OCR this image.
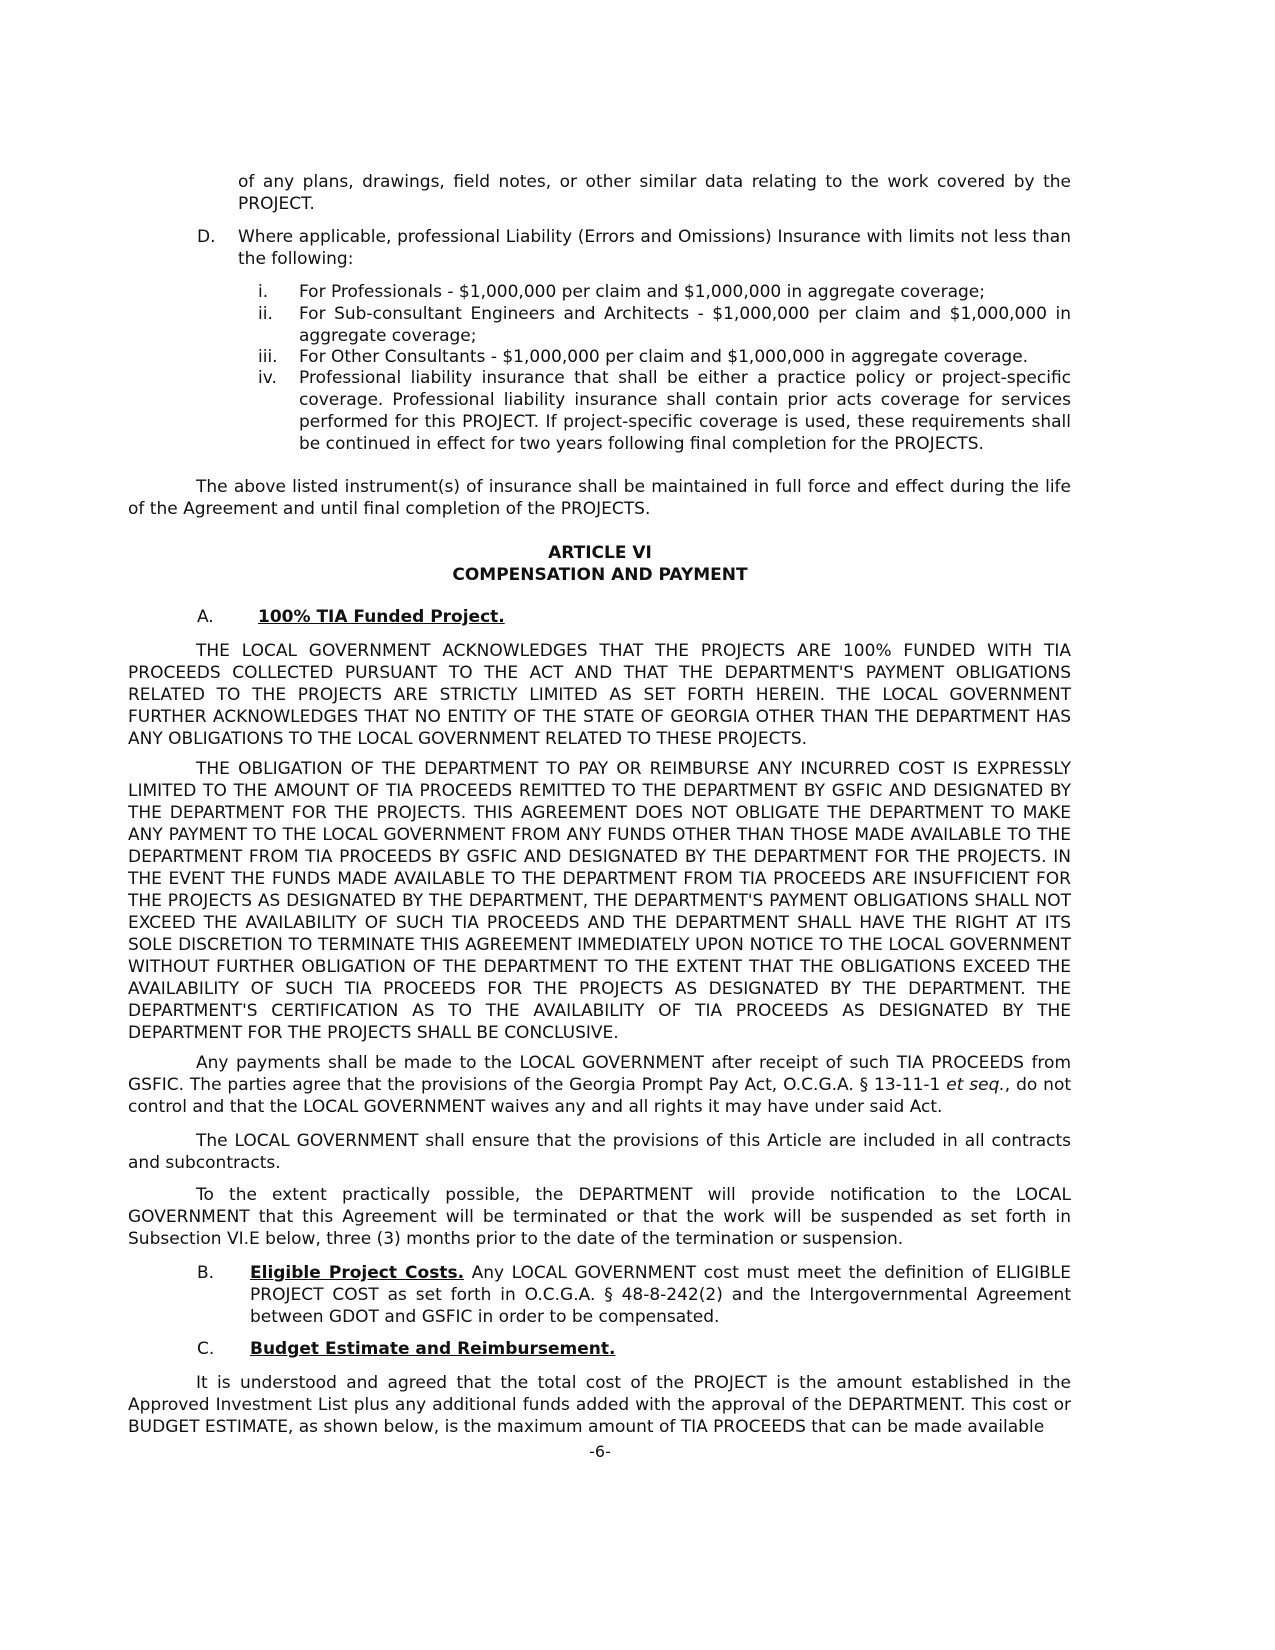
of any plans, drawings, field notes, or other similar data relating to the work covered by the PROJECT.

D. Where applicable, professional Liability (Errors and Omissions) Insurance with limits not less than the following:

i. For Professionals - $1,000,000 per claim and $1,000,000 in aggregate coverage;

ii. For Sub-consultant Engineers and Architects - $1,000,000 per claim and $1,000,000 in aggregate coverage;

iii. For Other Consultants - $1,000,000 per claim and $1,000,000 in aggregate coverage.

iv. Professional liability insurance that shall be either a practice policy or project-specific coverage. Professional liability insurance shall contain prior acts coverage for services performed for this PROJECT. If project-specific coverage is used, these requirements shall be continued in effect for two years following final completion for the PROJECTS.

The above listed instrument(s) of insurance shall be maintained in full force and effect during the life of the Agreement and until final completion of the PROJECTS.

ARTICLE VI

COMPENSATION AND PAYMENT

A.	100% TIA Funded Project.

THE LOCAL GOVERNMENT ACKNOWLEDGES THAT THE PROJECTS ARE 100% FUNDED WITH TIA PROCEEDS COLLECTED PURSUANT TO THE ACT AND THAT THE DEPARTMENT'S PAYMENT OBLIGATIONS RELATED TO THE PROJECTS ARE STRICTLY LIMITED AS SET FORTH HEREIN. THE LOCAL GOVERNMENT FURTHER ACKNOWLEDGES THAT NO ENTITY OF THE STATE OF GEORGIA OTHER THAN THE DEPARTMENT HAS ANY OBLIGATIONS TO THE LOCAL GOVERNMENT RELATED TO THESE PROJECTS.

THE OBLIGATION OF THE DEPARTMENT TO PAY OR REIMBURSE ANY INCURRED COST IS EXPRESSLY LIMITED TO THE AMOUNT OF TIA PROCEEDS REMITTED TO THE DEPARTMENT BY GSFIC AND DESIGNATED BY THE DEPARTMENT FOR THE PROJECTS. THIS AGREEMENT DOES NOT OBLIGATE THE DEPARTMENT TO MAKE ANY PAYMENT TO THE LOCAL GOVERNMENT FROM ANY FUNDS OTHER THAN THOSE MADE AVAILABLE TO THE DEPARTMENT FROM TIA PROCEEDS BY GSFIC AND DESIGNATED BY THE DEPARTMENT FOR THE PROJECTS. IN THE EVENT THE FUNDS MADE AVAILABLE TO THE DEPARTMENT FROM TIA PROCEEDS ARE INSUFFICIENT FOR THE PROJECTS AS DESIGNATED BY THE DEPARTMENT, THE DEPARTMENT'S PAYMENT OBLIGATIONS SHALL NOT EXCEED THE AVAILABILITY OF SUCH TIA PROCEEDS AND THE DEPARTMENT SHALL HAVE THE RIGHT AT ITS SOLE DISCRETION TO TERMINATE THIS AGREEMENT IMMEDIATELY UPON NOTICE TO THE LOCAL GOVERNMENT WITHOUT FURTHER OBLIGATION OF THE DEPARTMENT TO THE EXTENT THAT THE OBLIGATIONS EXCEED THE AVAILABILITY OF SUCH TIA PROCEEDS FOR THE PROJECTS AS DESIGNATED BY THE DEPARTMENT. THE DEPARTMENT'S CERTIFICATION AS TO THE AVAILABILITY OF TIA PROCEEDS AS DESIGNATED BY THE DEPARTMENT FOR THE PROJECTS SHALL BE CONCLUSIVE.

Any payments shall be made to the LOCAL GOVERNMENT after receipt of such TIA PROCEEDS from GSFIC. The parties agree that the provisions of the Georgia Prompt Pay Act, O.C.G.A. § 13-11-1 et seq., do not control and that the LOCAL GOVERNMENT waives any and all rights it may have under said Act.

The LOCAL GOVERNMENT shall ensure that the provisions of this Article are included in all contracts and subcontracts.

To the extent practically possible, the DEPARTMENT will provide notification to the LOCAL GOVERNMENT that this Agreement will be terminated or that the work will be suspended as set forth in Subsection VI.E below, three (3) months prior to the date of the termination or suspension.

B. Eligible Project Costs. Any LOCAL GOVERNMENT cost must meet the definition of ELIGIBLE PROJECT COST as set forth in O.C.G.A. § 48-8-242(2) and the Intergovernmental Agreement between GDOT and GSFIC in order to be compensated.

C. Budget Estimate and Reimbursement.

It is understood and agreed that the total cost of the PROJECT is the amount established in the Approved Investment List plus any additional funds added with the approval of the DEPARTMENT. This cost or BUDGET ESTIMATE, as shown below, is the maximum amount of TIA PROCEEDS that can be made available

-6-
